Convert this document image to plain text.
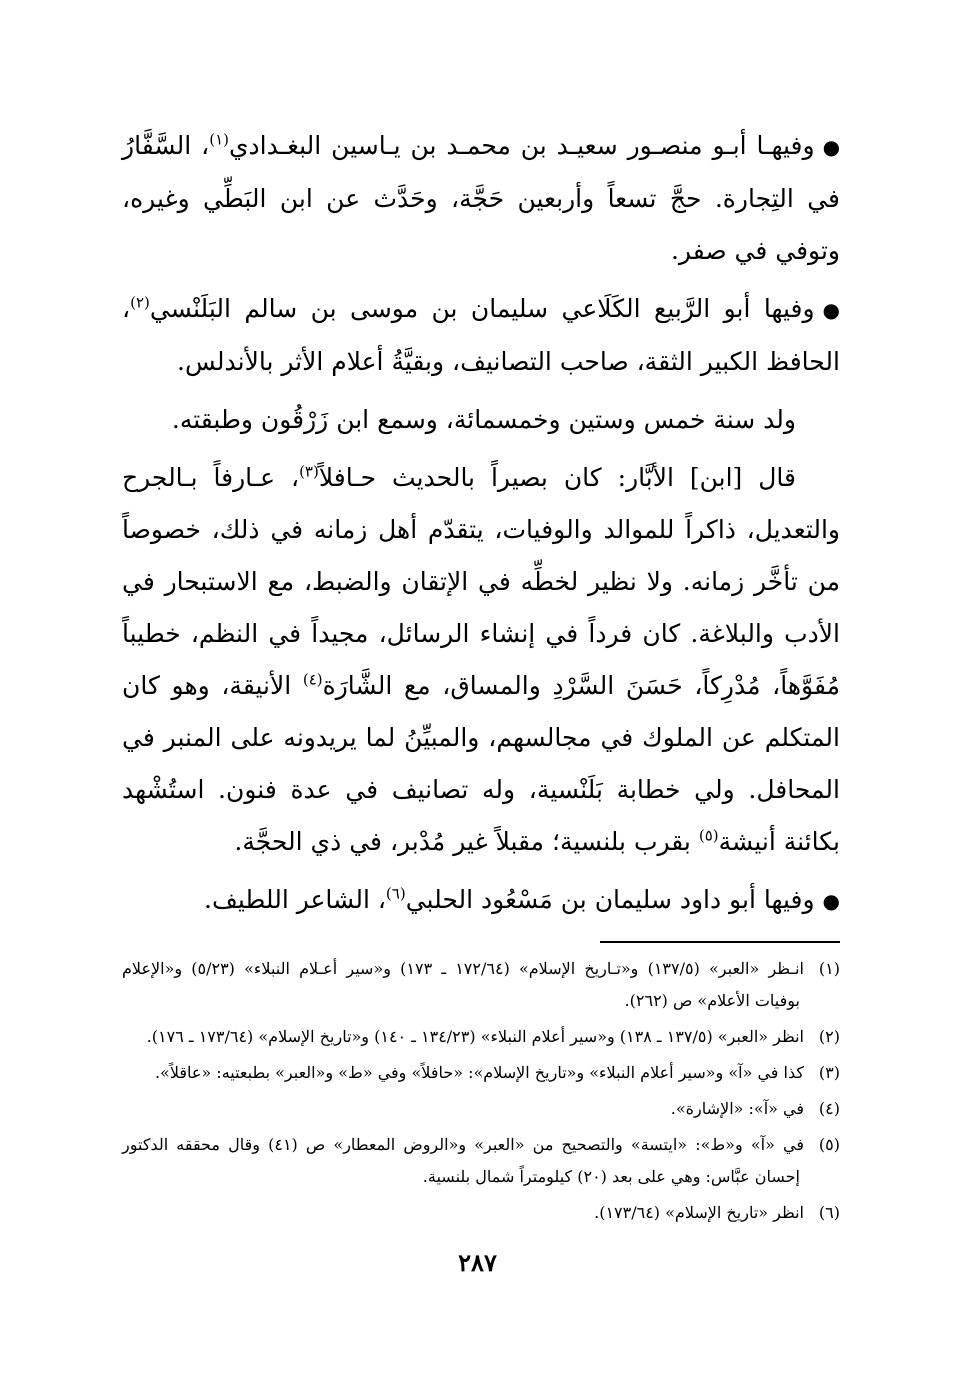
●وفيهـا أبـو منصـور سعيـد بن محمـد بن يـاسين البغـدادي$^{(١)}$، السَّفَّارُ في التِجارة. حجَّ تسعاً وأربعين حَجَّة، وحَدَّث عن ابن البَطِّي وغيره، وتوفي في صفر.

●وفيها أبو الرَّبيع الكَلَاعي سليمان بن موسى بن سالم البَلَنْسي$^{(٢)}$، الحافظ الكبير الثقة، صاحب التصانيف، وبقيَّةُ أعلام الأثر بالأندلس.

ولد سنة خمس وستين وخمسمائة، وسمع ابن زَرْقُون وطبقته.

قال [ابن] الأبَّار: كان بصيراً بالحديث حـافلاً$^{(٣)}$، عـارفاً بـالجرح والتعديل، ذاكراً للموالد والوفيات، يتقدّم أهل زمانه في ذلك، خصوصاً من تأخَّر زمانه. ولا نظير لخطِّه في الإتقان والضبط، مع الاستبحار في الأدب والبلاغة. كان فرداً في إنشاء الرسائل، مجيداً في النظم، خطيباً مُفَوَّهاً، مُدْرِكاً، حَسَنَ السَّرْدِ والمساق، مع الشَّارَة$^{(٤)}$ الأنيقة، وهو كان المتكلم عن الملوك في مجالسهم، والمبيِّنُ لما يريدونه على المنبر في المحافل. ولي خطابة بَلَنْسية، وله تصانيف في عدة فنون. استُشْهد بكائنة أنيشة$^{(٥)}$ بقرب بلنسية؛ مقبلاً غير مُدْبر، في ذي الحجَّة.

●وفيها أبو داود سليمان بن مَسْعُود الحلبي$^{(٦)}$، الشاعر اللطيف.

(١)انـظر «العبر» (١٣٧/٥) و«تـاريخ الإسلام» (١٧٢/٦٤ ـ ١٧٣) و«سير أعـلام النبلاء» (٥/٢٣) و«الإعلام بوفيات الأعلام» ص (٢٦٢).

(٢)انظر «العبر» (١٣٧/٥ ـ ١٣٨) و«سير أعلام النبلاء» (١٣٤/٢٣ ـ ١٤٠) و«تاريخ الإسلام» (١٧٣/٦٤ ـ ١٧٦).

(٣)كذا في «آ» و«سير أعلام النبلاء» و«تاريخ الإسلام»: «حافلاً» وفي «ط» و«العبر» بطبعتيه: «عاقلاً».

(٤)في «آ»: «الإشارة».

(٥)في «آ» و«ط»: «ايتسة» والتصحيح من «العبر» و«الروض المعطار» ص (٤١) وقال محققه الدكتور إحسان عبَّاس: وهي على بعد (٢٠) كيلومتراً شمال بلنسية.

(٦)انظر «تاريخ الإسلام» (١٧٣/٦٤).

٢٨٧
